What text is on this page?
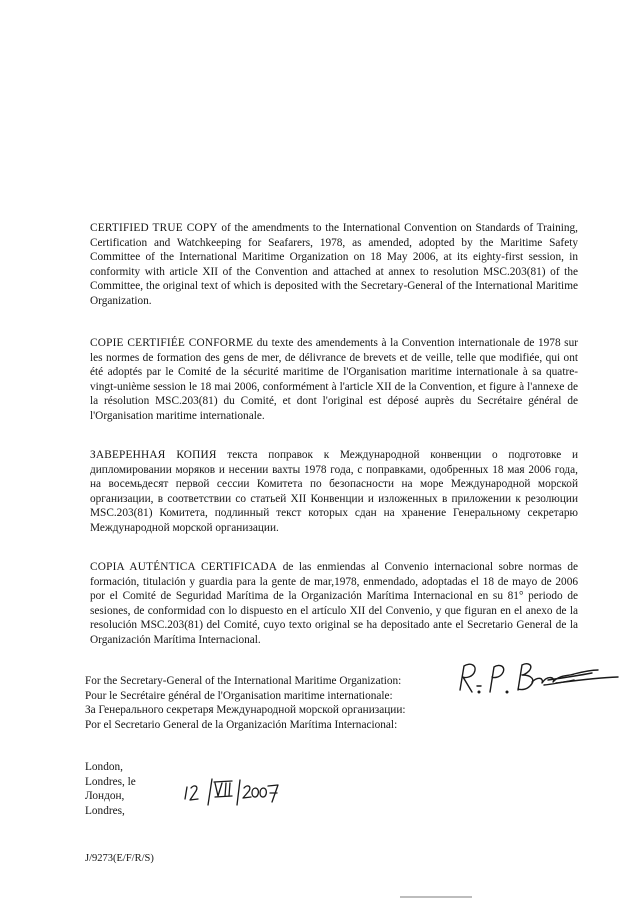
CERTIFIED TRUE COPY of the amendments to the International Convention on Standards of Training, Certification and Watchkeeping for Seafarers, 1978, as amended, adopted by the Maritime Safety Committee of the International Maritime Organization on 18 May 2006, at its eighty-first session, in conformity with article XII of the Convention and attached at annex to resolution MSC.203(81) of the Committee, the original text of which is deposited with the Secretary-General of the International Maritime Organization.

COPIE CERTIFIÉE CONFORME du texte des amendements à la Convention internationale de 1978 sur les normes de formation des gens de mer, de délivrance de brevets et de veille, telle que modifiée, qui ont été adoptés par le Comité de la sécurité maritime de l'Organisation maritime internationale à sa quatre-vingt-unième session le 18 mai 2006, conformément à l'article XII de la Convention, et figure à l'annexe de la résolution MSC.203(81) du Comité, et dont l'original est déposé auprès du Secrétaire général de l'Organisation maritime internationale.

ЗАВЕРЕННАЯ КОПИЯ текста поправок к Международной конвенции о подготовке и дипломировании моряков и несении вахты 1978 года, с поправками, одобренных 18 мая 2006 года, на восемьдесят первой сессии Комитета по безопасности на море Международной морской организации, в соответствии со статьей XII Конвенции и изложенных в приложении к резолюции MSC.203(81) Комитета, подлинный текст которых сдан на хранение Генеральному секретарю Международной морской организации.

COPIA AUTÉNTICA CERTIFICADA de las enmiendas al Convenio internacional sobre normas de formación, titulación y guardia para la gente de mar,1978, enmendado, adoptadas el 18 de mayo de 2006 por el Comité de Seguridad Marítima de la Organización Marítima Internacional en su 81° periodo de sesiones, de conformidad con lo dispuesto en el artículo XII del Convenio, y que figuran en el anexo de la resolución MSC.203(81) del Comité, cuyo texto original se ha depositado ante el Secretario General de la Organización Marítima Internacional.

For the Secretary-General of the International Maritime Organization:
Pour le Secrétaire général de l'Organisation maritime internationale:
За Генерального секретаря Международной морской организации:
Por el Secretario General de la Organización Marítima Internacional:
London,
Londres, le
Лондон,
Londres,
J/9273(E/F/R/S)
